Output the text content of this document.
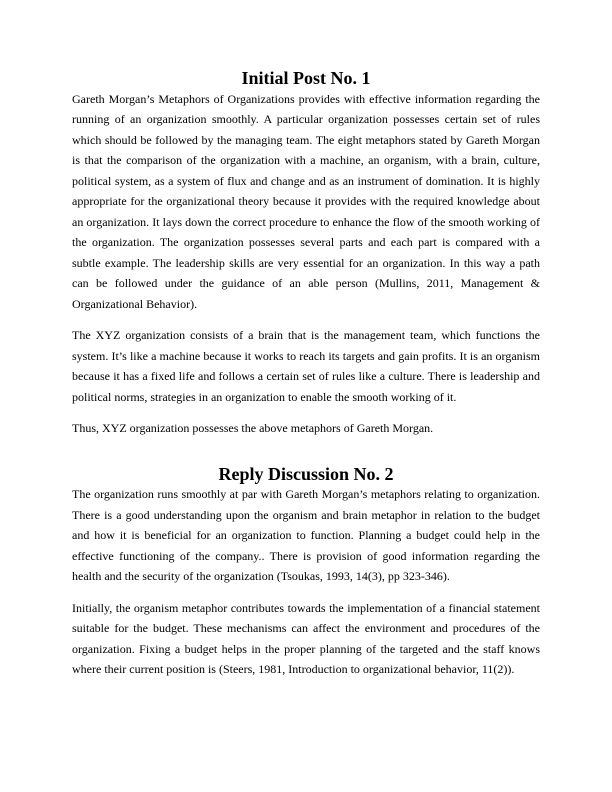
Initial Post No. 1

Gareth Morgan’s Metaphors of Organizations provides with effective information regarding the running of an organization smoothly. A particular organization possesses certain set of rules which should be followed by the managing team. The eight metaphors stated by Gareth Morgan is that the comparison of the organization with a machine, an organism, with a brain, culture, political system, as a system of flux and change and as an instrument of domination. It is highly appropriate for the organizational theory because it provides with the required knowledge about an organization. It lays down the correct procedure to enhance the flow of the smooth working of the organization. The organization possesses several parts and each part is compared with a subtle example. The leadership skills are very essential for an organization. In this way a path can be followed under the guidance of an able person (Mullins, 2011, Management & Organizational Behavior).

The XYZ organization consists of a brain that is the management team, which functions the system. It’s like a machine because it works to reach its targets and gain profits. It is an organism because it has a fixed life and follows a certain set of rules like a culture. There is leadership and political norms, strategies in an organization to enable the smooth working of it.

Thus, XYZ organization possesses the above metaphors of Gareth Morgan.

Reply Discussion No. 2

The organization runs smoothly at par with Gareth Morgan’s metaphors relating to organization. There is a good understanding upon the organism and brain metaphor in relation to the budget and how it is beneficial for an organization to function. Planning a budget could help in the effective functioning of the company.. There is provision of good information regarding the health and the security of the organization (Tsoukas, 1993, 14(3), pp 323-346).

Initially, the organism metaphor contributes towards the implementation of a financial statement suitable for the budget. These mechanisms can affect the environment and procedures of the organization. Fixing a budget helps in the proper planning of the targeted and the staff knows where their current position is (Steers, 1981, Introduction to organizational behavior, 11(2)).
